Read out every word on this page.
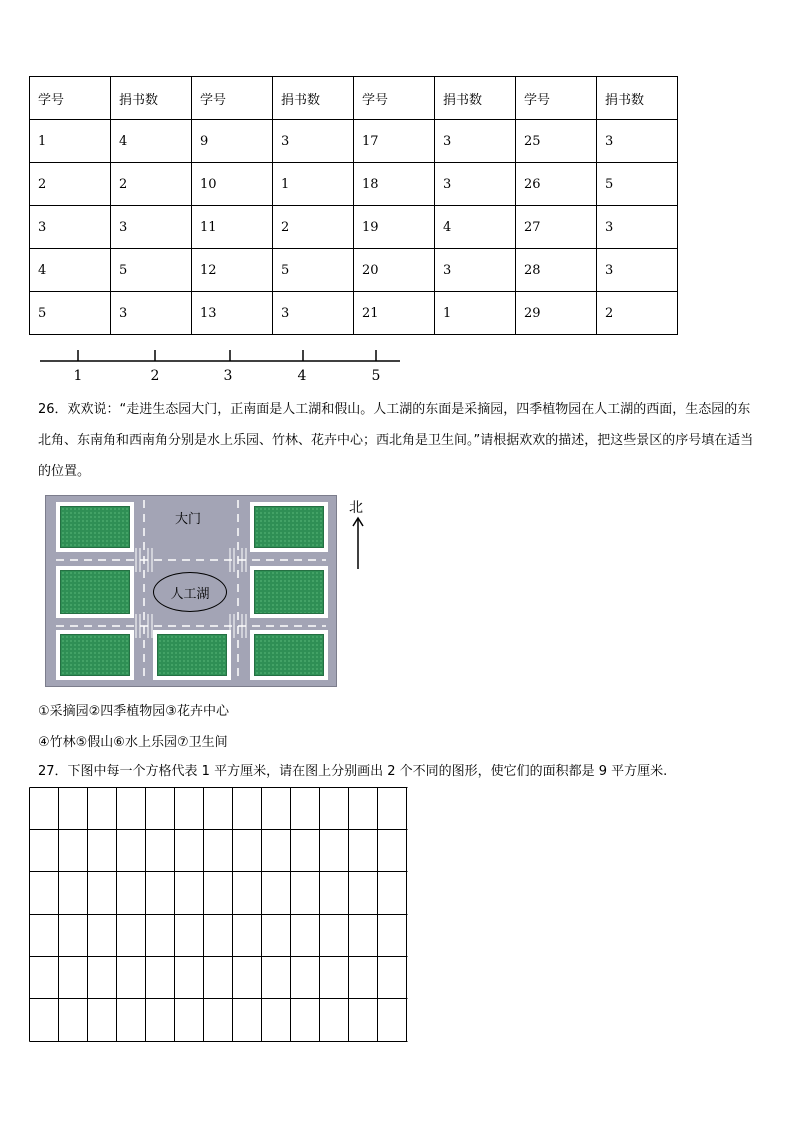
学号	捐书数	学号	捐书数	学号	捐书数	学号	捐书数
1	4	9	3	17	3	25	3
2	2	10	1	18	3	26	5
3	3	11	2	19	4	27	3
4	5	12	5	20	3	28	3
5	3	13	3	21	1	29	2
1	2	3	4	5
26．欢欢说：“走进生态园大门，正南面是人工湖和假山。人工湖的东面是采摘园，四季植物园在人工湖的西面，生态园的东北角、东南角和西南角分别是水上乐园、竹林、花卉中心；西北角是卫生间。”请根据欢欢的描述，把这些景区的序号填在适当的位置。
大门
人工湖
北
①采摘园②四季植物园③花卉中心
④竹林⑤假山⑥水上乐园⑦卫生间
27．下图中每一个方格代表 1 平方厘米，请在图上分别画出 2 个不同的图形，使它们的面积都是 9 平方厘米.
